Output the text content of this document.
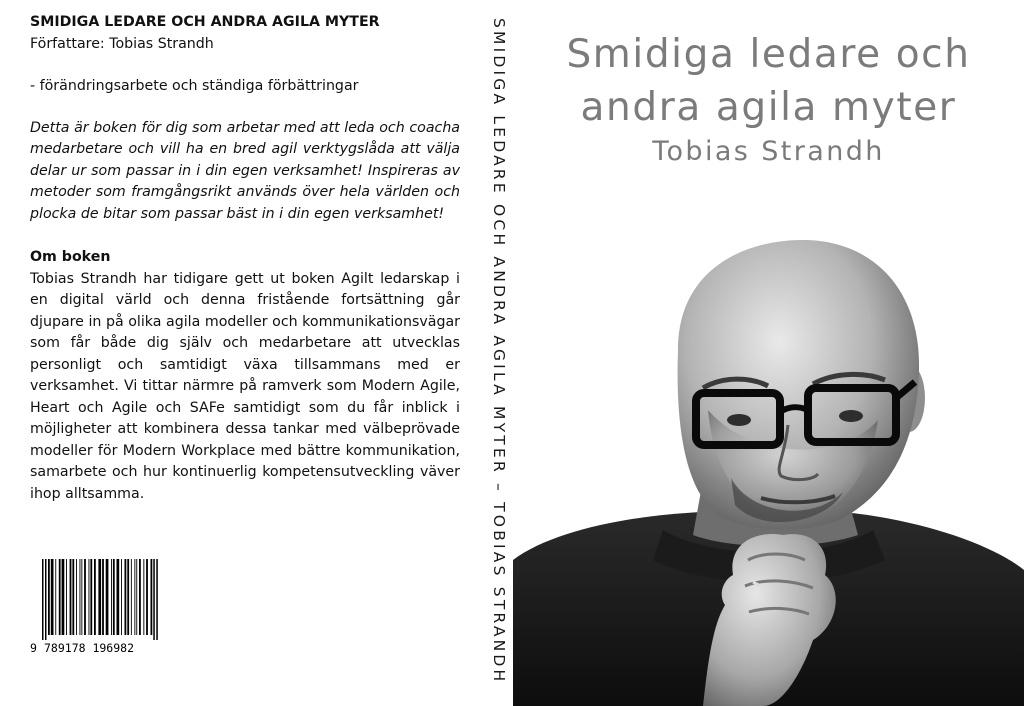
SMIDIGA LEDARE OCH ANDRA AGILA MYTER
Författare: Tobias Strandh
- förändringsarbete och ständiga förbättringar
Detta är boken för dig som arbetar med att leda och coacha medarbetare och vill ha en bred agil verktygslåda att välja delar ur som passar in i din egen verksamhet! Inspireras av metoder som framgångsrikt används över hela världen och plocka de bitar som passar bäst in i din egen verksamhet!
Om boken
Tobias Strandh har tidigare gett ut boken Agilt ledarskap i en digital värld och denna fristående fortsättning går djupare in på olika agila modeller och kommunikationsvägar som får både dig själv och medarbetare att utvecklas personligt och samtidigt växa tillsammans med er verksamhet. Vi tittar närmre på ramverk som Modern Agile, Heart och Agile och SAFe samtidigt som du får inblick i möjligheter att kombinera dessa tankar med välbeprövade modeller för Modern Workplace med bättre kommunikation, samarbete och hur kontinuerlig kompetensutveckling väver ihop alltsamma.
9 789178 196982	SMIDIGA LEDARE OCH ANDRA AGILA MYTER – TOBIAS STRANDH	Smidiga ledare och
andra agila myter
Tobias Strandh
